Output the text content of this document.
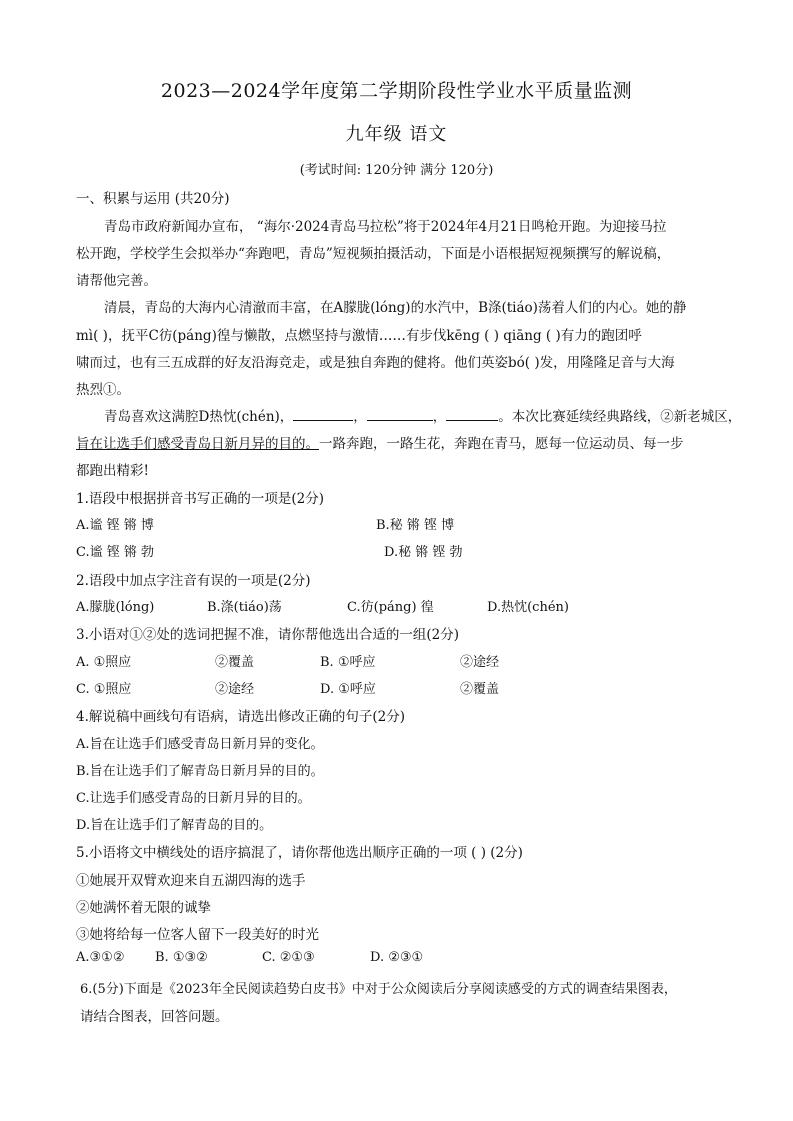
2023—2024学年度第二学期阶段性学业水平质量监测
九年级 语文
(考试时间: 120分钟 满分 120分)
一、积累与运用 (共20分)
青岛市政府新闻办宣布， “海尔·2024青岛马拉松”将于2024年4月21日鸣枪开跑。为迎接马拉
松开跑，学校学生会拟举办“奔跑吧，青岛”短视频拍摄活动，下面是小语根据短视频撰写的解说稿，
请帮他完善。
清晨，青岛的大海内心清澈而丰富，在A朦胧(lóng)的水汽中，B涤(tiáo)荡着人们的内心。她的静
mì( )，抚平C彷(páng)徨与懒散，点燃坚持与激情……有步伐kēng ( ) qiāng ( )有力的跑团呼
啸而过，也有三五成群的好友沿海竞走，或是独自奔跑的健将。他们英姿bó( )发，用隆隆足音与大海
热烈①。
青岛喜欢这满腔D热忱(chén)，	，	，	。本次比赛延续经典路线，②新老城区，
旨在让选手们感受青岛日新月异的目的。一路奔跑，一路生花，奔跑在青马，愿每一位运动员、每一步
都跑出精彩!
1.语段中根据拼音书写正确的一项是(2分)
A.谧 铿 锵 博	B.秘 锵 铿 博
C.谧 铿 锵 勃	D.秘 锵 铿 勃
2.语段中加点字注音有误的一项是(2分)
A.朦胧(lóng)	B.涤(tiáo)荡	C.彷(páng) 徨	D.热忱(chén)
3.小语对①②处的选词把握不准，请你帮他选出合适的一组(2分)
A. ①照应	②覆盖	B. ①呼应	②途经
C. ①照应	②途经	D. ①呼应	②覆盖
4.解说稿中画线句有语病，请选出修改正确的句子(2分)
A.旨在让选手们感受青岛日新月异的变化。
B.旨在让选手们了解青岛日新月异的目的。
C.让选手们感受青岛的日新月异的目的。
D.旨在让选手们了解青岛的目的。
5.小语将文中横线处的语序搞混了，请你帮他选出顺序正确的一项 ( ) (2分)
①她展开双臂欢迎来自五湖四海的选手
②她满怀着无限的诚挚
③她将给每一位客人留下一段美好的时光
A.③①② B. ①③②	C. ②①③	D. ②③①
6.(5分)下面是《2023年全民阅读趋势白皮书》中对于公众阅读后分享阅读感受的方式的调查结果图表，
请结合图表，回答问题。
